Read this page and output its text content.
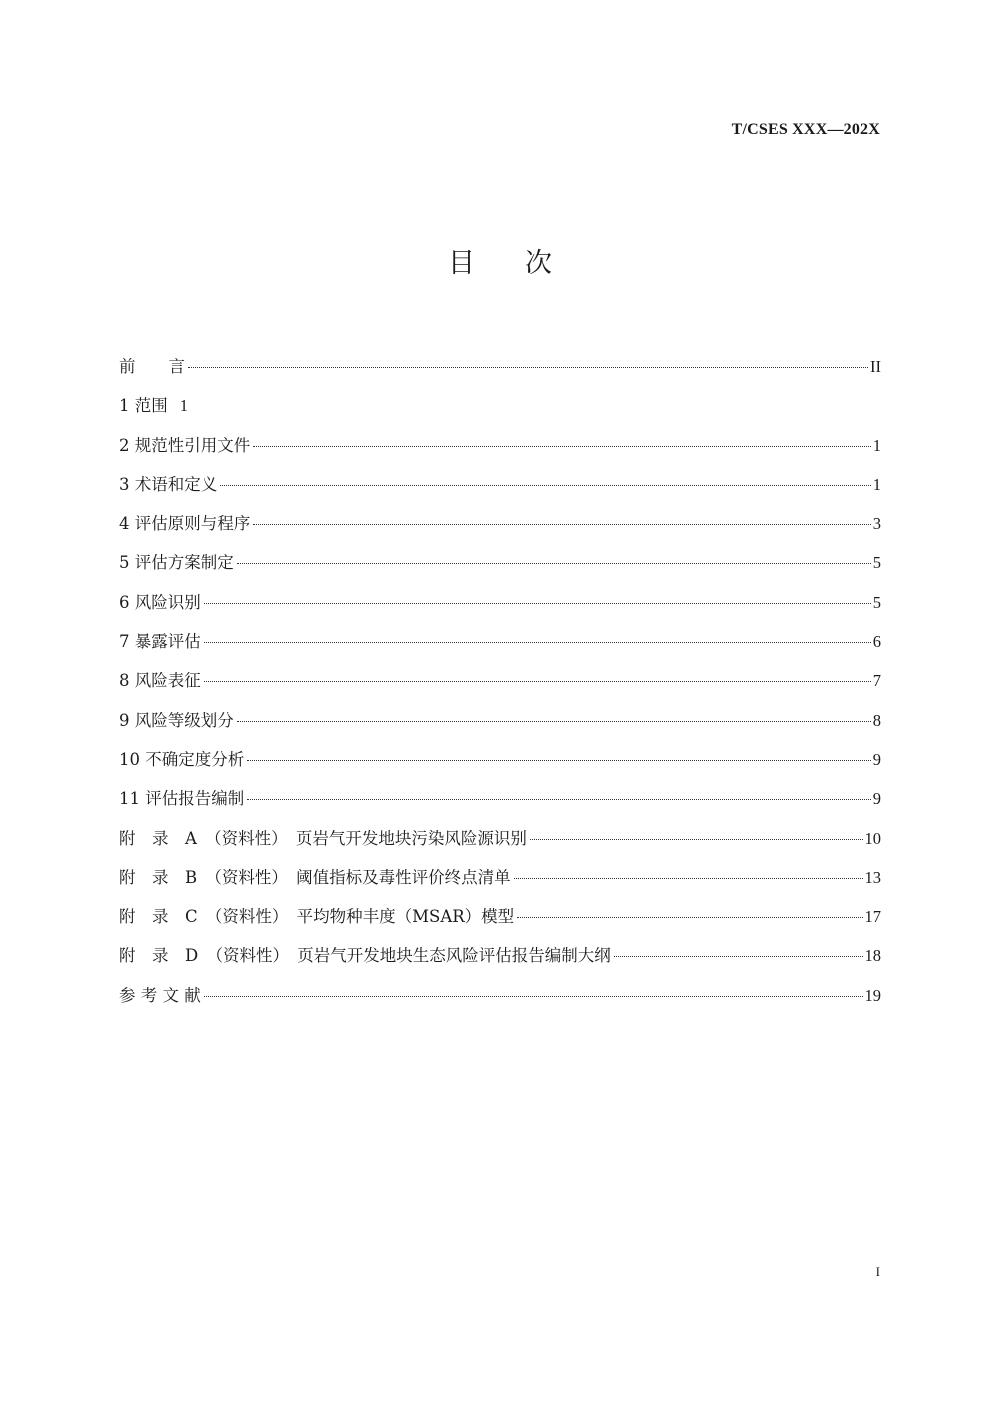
T/CSES XXX—202X
目次
前　　言	II
1 范围 1
2 规范性引用文件	1
3 术语和定义	1
4 评估原则与程序	3
5 评估方案制定	5
6 风险识别	5
7 暴露评估	6
8 风险表征	7
9 风险等级划分	8
10 不确定度分析	9
11 评估报告编制	9
附　录　A　（资料性）　页岩气开发地块污染风险源识别	10
附　录　B　（资料性）　阈值指标及毒性评价终点清单	13
附　录　C　（资料性）　平均物种丰度（MSAR）模型	17
附　录　D　（资料性）　页岩气开发地块生态风险评估报告编制大纲	18
参 考 文 献	19
I
